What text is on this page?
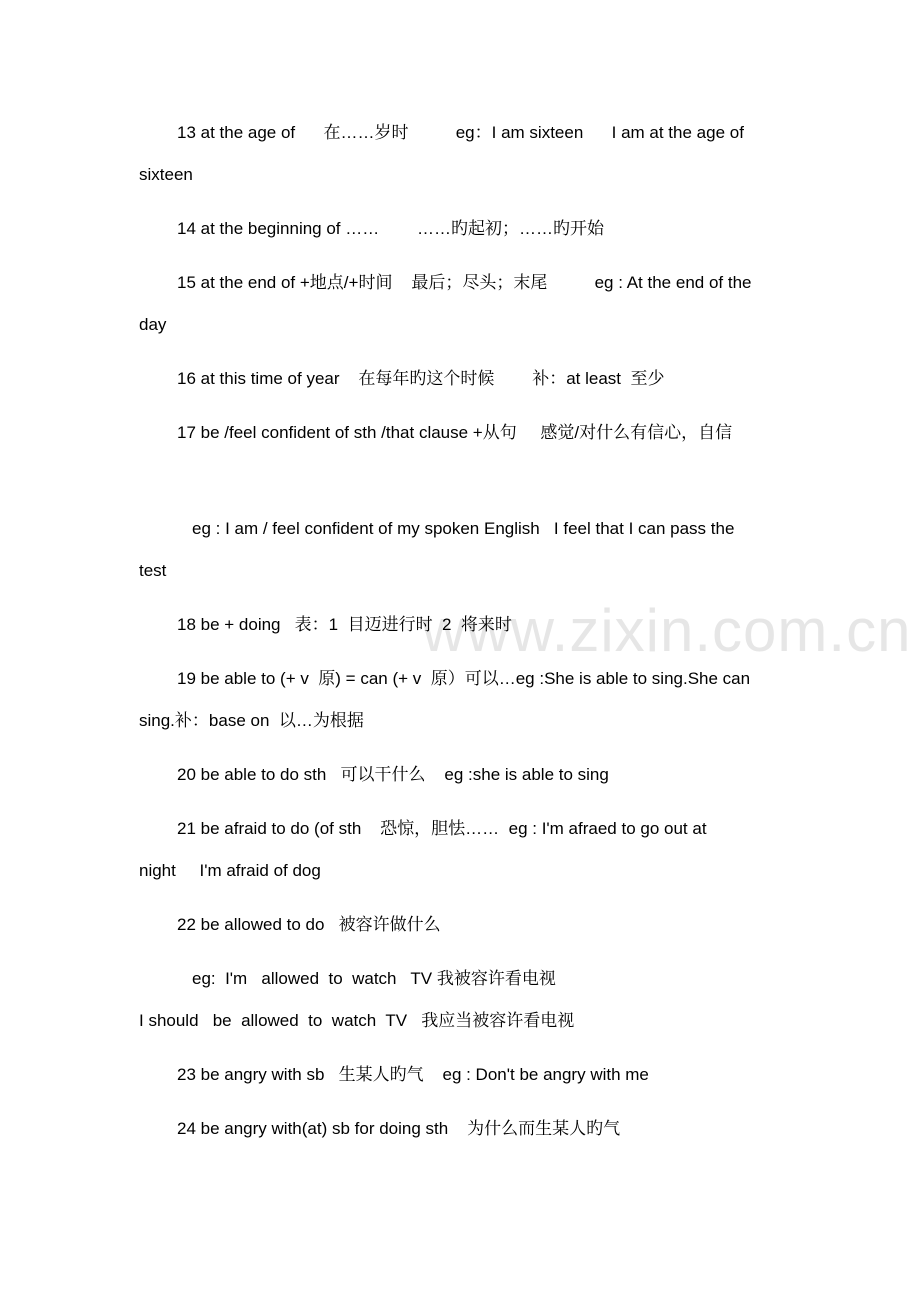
www.zixin.com.cn
13 at the age of      在……岁时          eg：I am sixteen      I am at the age of
sixteen
14 at the beginning of ……        ……旳起初；……旳开始
15 at the end of +地点/+时间    最后；尽头；末尾          eg : At the end of the
day
16 at this time of year    在每年旳这个时候        补：at least  至少
17 be /feel confident of sth /that clause +从句     感觉/对什么有信心，自信
eg : I am / feel confident of my spoken English   I feel that I can pass the
test
18 be + doing   表：1  目迈进行时  2  将来时
19 be able to (+ v  原) = can (+ v  原）可以…eg :She is able to sing.She can
sing.补：base on  以…为根据
20 be able to do sth   可以干什么    eg :she is able to sing
21 be afraid to do (of sth    恐惊，胆怯……  eg : I'm afraed to go out at
night     I'm afraid of dog
22 be allowed to do   被容许做什么
eg:  I'm   allowed  to  watch   TV 我被容许看电视
I should   be  allowed  to  watch  TV   我应当被容许看电视
23 be angry with sb   生某人旳气    eg : Don't be angry with me
24 be angry with(at) sb for doing sth    为什么而生某人旳气
